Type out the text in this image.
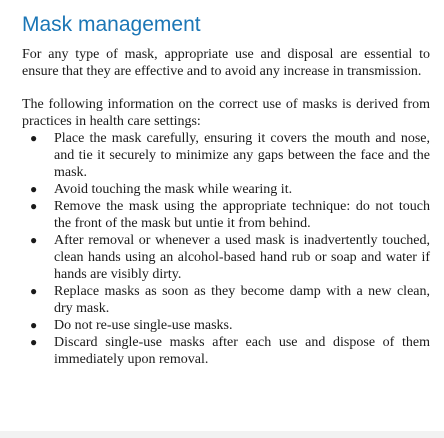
Mask management

For any type of mask, appropriate use and disposal are essential to ensure that they are effective and to avoid any increase in transmission.

The following information on the correct use of masks is derived from practices in health care settings:

● Place the mask carefully, ensuring it covers the mouth and nose, and tie it securely to minimize any gaps between the face and the mask.
● Avoid touching the mask while wearing it.
● Remove the mask using the appropriate technique: do not touch the front of the mask but untie it from behind.
● After removal or whenever a used mask is inadvertently touched, clean hands using an alcohol-based hand rub or soap and water if hands are visibly dirty.
● Replace masks as soon as they become damp with a new clean, dry mask.
● Do not re-use single-use masks.
● Discard single-use masks after each use and dispose of them immediately upon removal.
